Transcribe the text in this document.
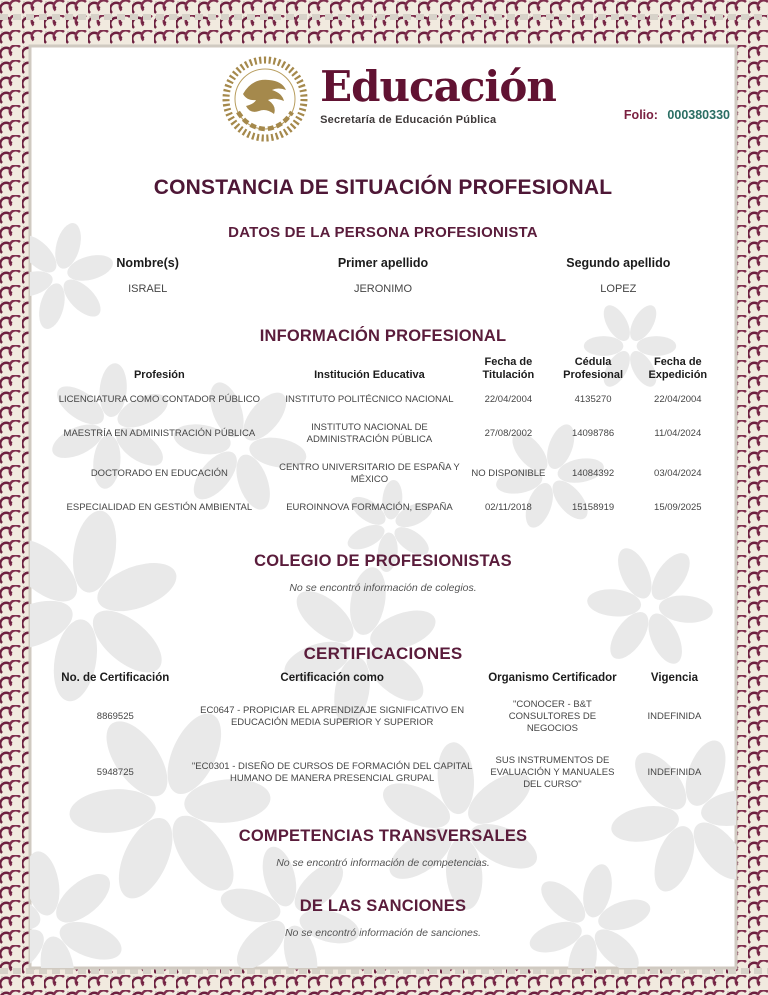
Educación
Secretaría de Educación Pública	Folio: 000380330
CONSTANCIA DE SITUACIÓN PROFESIONAL
DATOS DE LA PERSONA PROFESIONISTA
Nombre(s)
ISRAEL
Primer apellido
JERONIMO
Segundo apellido
LOPEZ
INFORMACIÓN PROFESIONAL
Profesión	Institución Educativa	Fecha de Titulación	Cédula Profesional	Fecha de Expedición
LICENCIATURA COMO CONTADOR PÚBLICO	INSTITUTO POLITÉCNICO NACIONAL	22/04/2004	4135270	22/04/2004
MAESTRÍA EN ADMINISTRACIÓN PÚBLICA	INSTITUTO NACIONAL DE ADMINISTRACIÓN PÚBLICA	27/08/2002	14098786	11/04/2024
DOCTORADO EN EDUCACIÓN	CENTRO UNIVERSITARIO DE ESPAÑA Y MÉXICO	NO DISPONIBLE	14084392	03/04/2024
ESPECIALIDAD EN GESTIÓN AMBIENTAL	EUROINNOVA FORMACIÓN, ESPAÑA	02/11/2018	15158919	15/09/2025
COLEGIO DE PROFESIONISTAS
No se encontró información de colegios.
CERTIFICACIONES
No. de Certificación	Certificación como	Organismo Certificador	Vigencia
8869525	EC0647 - PROPICIAR EL APRENDIZAJE SIGNIFICATIVO EN EDUCACIÓN MEDIA SUPERIOR Y SUPERIOR	"CONOCER - B&T CONSULTORES DE NEGOCIOS	INDEFINIDA
5948725	"EC0301 - DISEÑO DE CURSOS DE FORMACIÓN DEL CAPITAL HUMANO DE MANERA PRESENCIAL GRUPAL	SUS INSTRUMENTOS DE EVALUACIÓN Y MANUALES DEL CURSO"	INDEFINIDA
COMPETENCIAS TRANSVERSALES
No se encontró información de competencias.
DE LAS SANCIONES
No se encontró información de sanciones.
